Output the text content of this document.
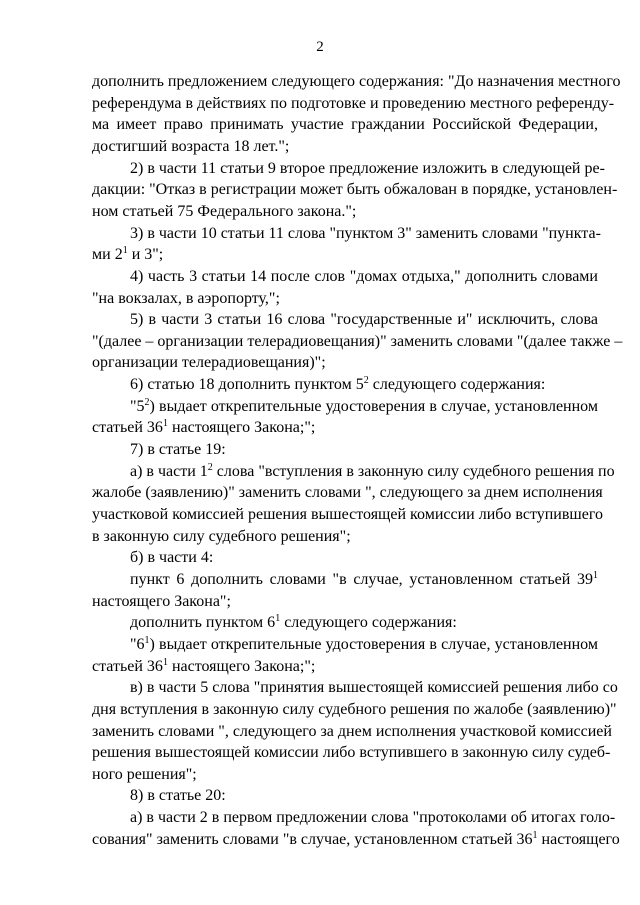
2
дополнить предложением следующего содержания: "До назначения местного
референдума в действиях по подготовке и проведению местного референду-
ма имеет право принимать участие граждании Российской Федерации,
достигший возраста 18 лет.";
2) в части 11 статьи 9 второе предложение изложить в следующей ре-
дакции: "Отказ в регистрации может быть обжалован в порядке, установлен-
ном статьей 75 Федерального закона.";
3) в части 10 статьи 11 слова "пунктом 3" заменить словами "пункта-
ми $2^1$ и 3";
4) часть 3 статьи 14 после слов "домах отдыха," дополнить словами
"на вокзалах, в аэропорту,";
5) в части 3 статьи 16 слова "государственные и" исключить, слова
"(далее – организации телерадиовещания)" заменить словами "(далее также –
организации телерадиовещания)";
6) статью 18 дополнить пунктом $5^2$ следующего содержания:
"$5^2$) выдает открепительные удостоверения в случае, установленном
статьей $36^1$ настоящего Закона;";
7) в статье 19:
а) в части $1^2$ слова "вступления в законную силу судебного решения по
жалобе (заявлению)" заменить словами ", следующего за днем исполнения
участковой комиссией решения вышестоящей комиссии либо вступившего
в законную силу судебного решения";
б) в части 4:
пункт 6 дополнить словами "в случае, установленном статьей $39^1$
настоящего Закона";
дополнить пунктом $6^1$ следующего содержания:
"$6^1$) выдает открепительные удостоверения в случае, установленном
статьей $36^1$ настоящего Закона;";
в) в части 5 слова "принятия вышестоящей комиссией решения либо со
дня вступления в законную силу судебного решения по жалобе (заявлению)"
заменить словами ", следующего за днем исполнения участковой комиссией
решения вышестоящей комиссии либо вступившего в законную силу судеб-
ного решения";
8) в статье 20:
а) в части 2 в первом предложении слова "протоколами об итогах голо-
сования" заменить словами "в случае, установленном статьей $36^1$ настоящего
